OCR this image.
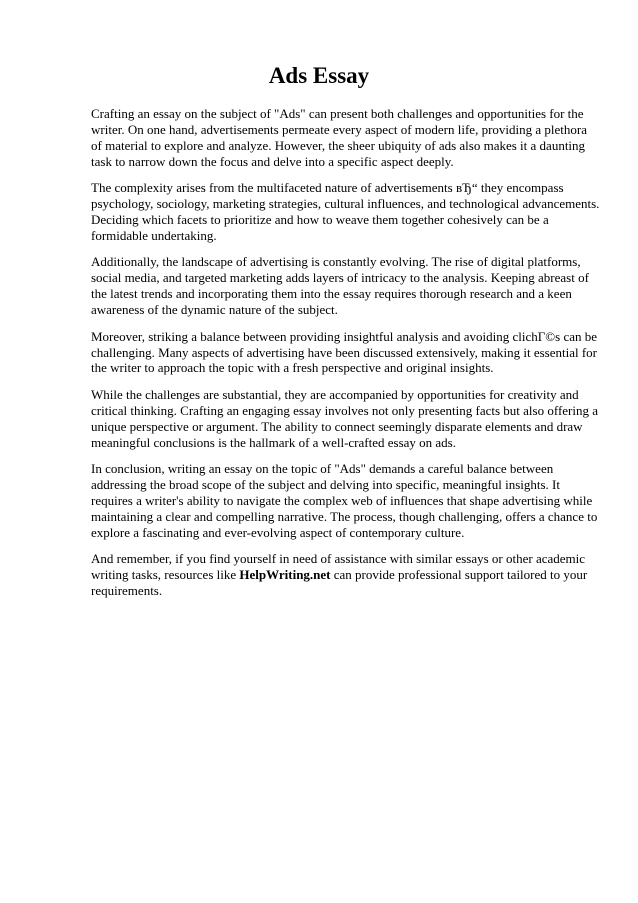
Ads Essay

Crafting an essay on the subject of "Ads" can present both challenges and opportunities for the writer. On one hand, advertisements permeate every aspect of modern life, providing a plethora of material to explore and analyze. However, the sheer ubiquity of ads also makes it a daunting task to narrow down the focus and delve into a specific aspect deeply.

The complexity arises from the multifaceted nature of advertisements вЂ“ they encompass psychology, sociology, marketing strategies, cultural influences, and technological advancements. Deciding which facets to prioritize and how to weave them together cohesively can be a formidable undertaking.

Additionally, the landscape of advertising is constantly evolving. The rise of digital platforms, social media, and targeted marketing adds layers of intricacy to the analysis. Keeping abreast of the latest trends and incorporating them into the essay requires thorough research and a keen awareness of the dynamic nature of the subject.

Moreover, striking a balance between providing insightful analysis and avoiding clichГ©s can be challenging. Many aspects of advertising have been discussed extensively, making it essential for the writer to approach the topic with a fresh perspective and original insights.

While the challenges are substantial, they are accompanied by opportunities for creativity and critical thinking. Crafting an engaging essay involves not only presenting facts but also offering a unique perspective or argument. The ability to connect seemingly disparate elements and draw meaningful conclusions is the hallmark of a well-crafted essay on ads.

In conclusion, writing an essay on the topic of "Ads" demands a careful balance between addressing the broad scope of the subject and delving into specific, meaningful insights. It requires a writer's ability to navigate the complex web of influences that shape advertising while maintaining a clear and compelling narrative. The process, though challenging, offers a chance to explore a fascinating and ever-evolving aspect of contemporary culture.

And remember, if you find yourself in need of assistance with similar essays or other academic writing tasks, resources like HelpWriting.net can provide professional support tailored to your requirements.
